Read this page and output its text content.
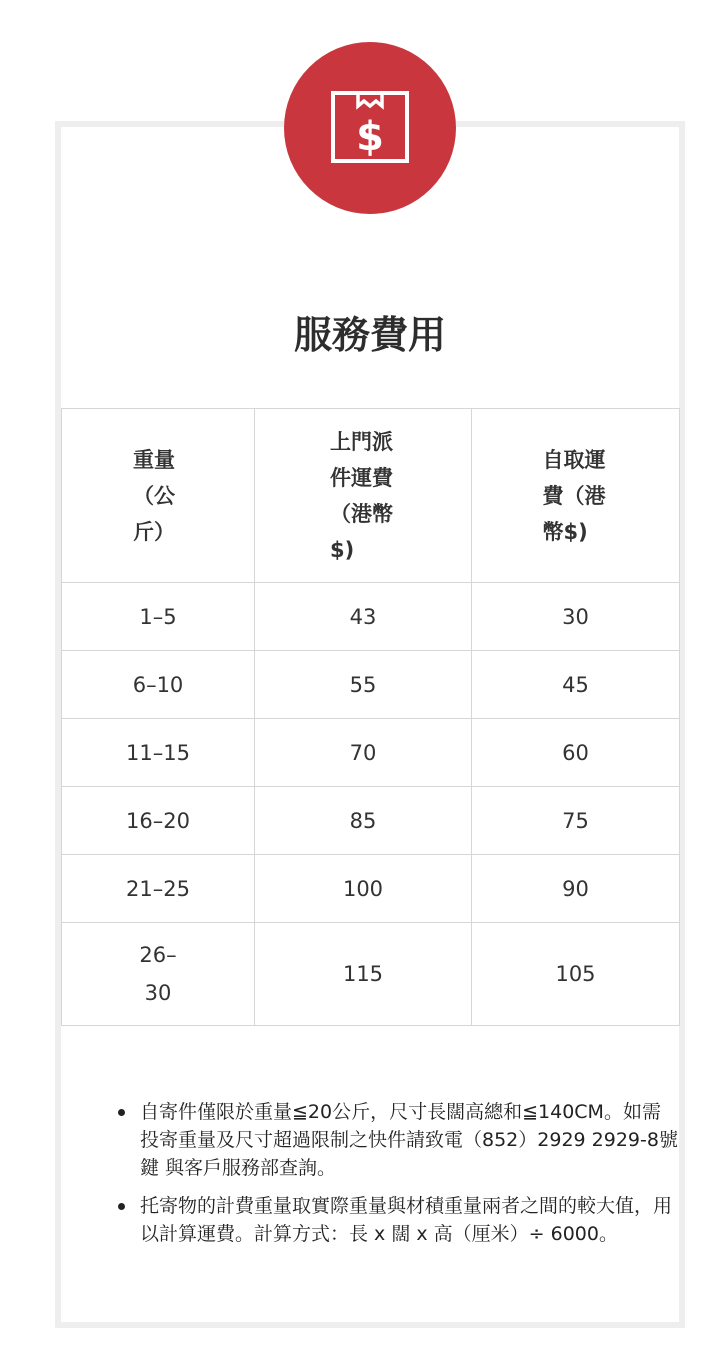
$
服務費用
重量（公斤）	上門派件運費（港幣$)	自取運費（港幣$)
1–5	43	30
6–10	55	45
11–15	70	60
16–20	85	75
21–25	100	90
26–30	115	105
自寄件僅限於重量≦20公斤，尺寸長闊高總和≦140CM。如需投寄重量及尺寸超過限制之快件請致電（852）2929 2929-8號鍵 與客戶服務部查詢。
托寄物的計費重量取實際重量與材積重量兩者之間的較大值，用以計算運費。計算方式：長 x 闊 x 高（厘米）÷ 6000。
